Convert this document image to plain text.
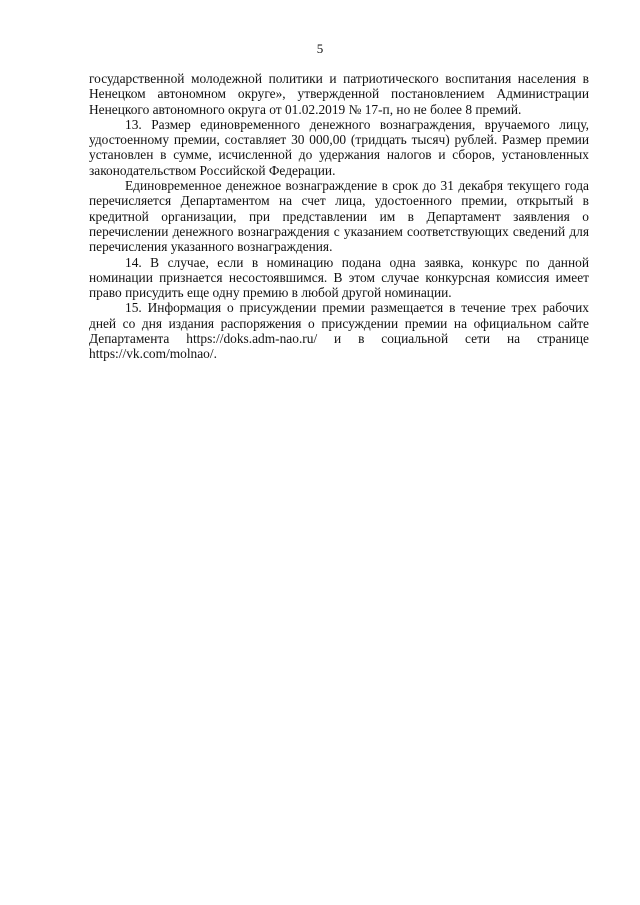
5

государственной молодежной политики и патриотического воспитания населения в Ненецком автономном округе», утвержденной постановлением Администрации Ненецкого автономного округа от 01.02.2019 № 17-п, но не более 8 премий.

13. Размер единовременного денежного вознаграждения, вручаемого лицу, удостоенному премии, составляет 30 000,00 (тридцать тысяч) рублей. Размер премии установлен в сумме, исчисленной до удержания налогов и сборов, установленных законодательством Российской Федерации.

Единовременное денежное вознаграждение в срок до 31 декабря текущего года перечисляется Департаментом на счет лица, удостоенного премии, открытый в кредитной организации, при представлении им в Департамент заявления о перечислении денежного вознаграждения с указанием соответствующих сведений для перечисления указанного вознаграждения.

14. В случае, если в номинацию подана одна заявка, конкурс по данной номинации признается несостоявшимся. В этом случае конкурсная комиссия имеет право присудить еще одну премию в любой другой номинации.

15. Информация о присуждении премии размещается в течение трех рабочих дней со дня издания распоряжения о присуждении премии на официальном сайте Департамента https://doks.adm-nao.ru/ и в социальной сети на странице https://vk.com/molnao/.
